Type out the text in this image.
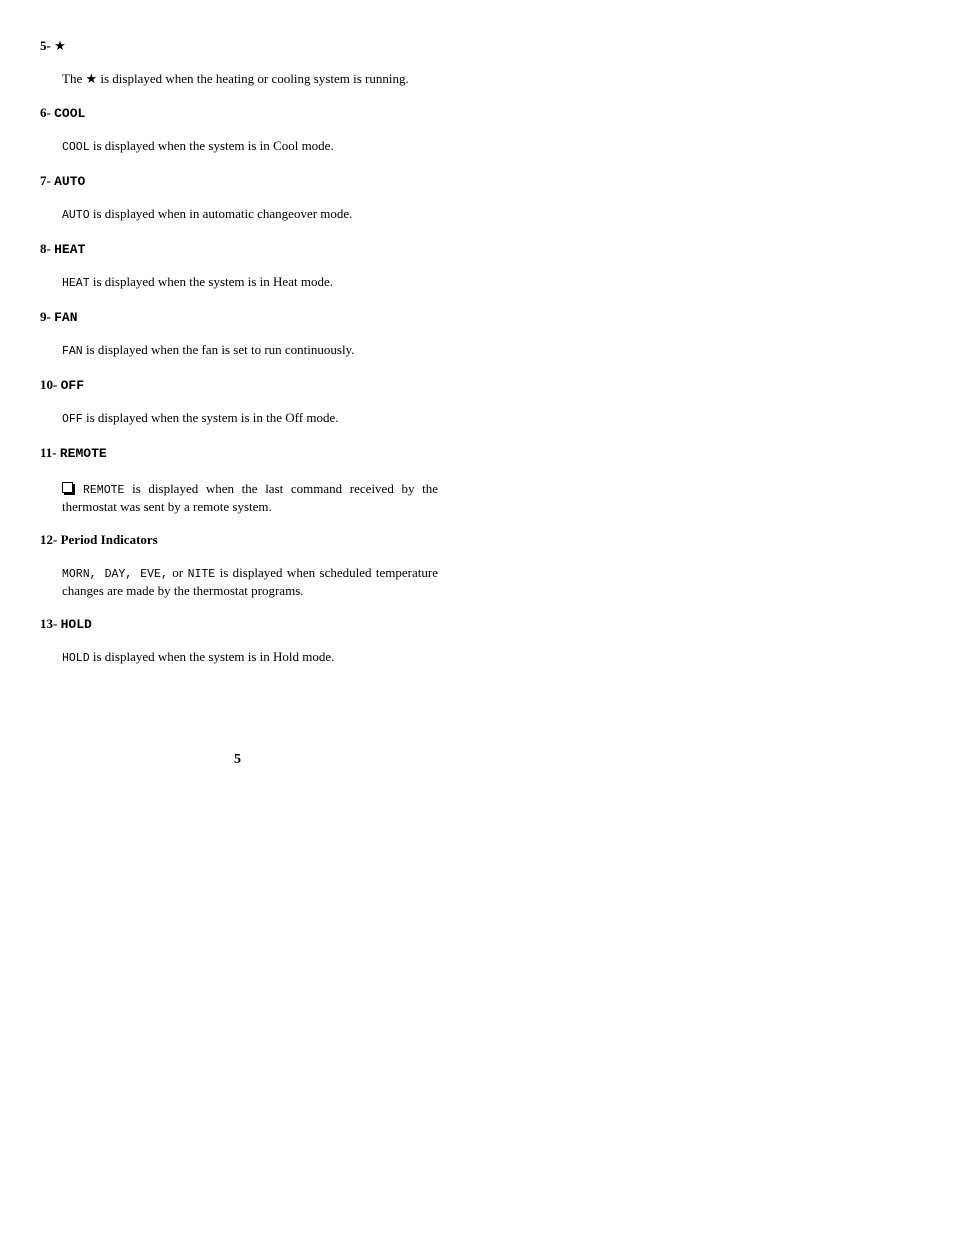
5- ★
The ★ is displayed when the heating or cooling system is running.
6- COOL
COOL is displayed when the system is in Cool mode.
7- AUTO
AUTO is displayed when in automatic changeover mode.
8- HEAT
HEAT is displayed when the system is in Heat mode.
9- FAN
FAN is displayed when the fan is set to run continuously.
10- OFF
OFF is displayed when the system is in the Off mode.
11- REMOTE
REMOTE is displayed when the last command received by the thermostat was sent by a remote system.
12- Period Indicators
MORN, DAY, EVE, or NITE is displayed when scheduled temperature changes are made by the thermostat programs.
13- HOLD
HOLD is displayed when the system is in Hold mode.
5
